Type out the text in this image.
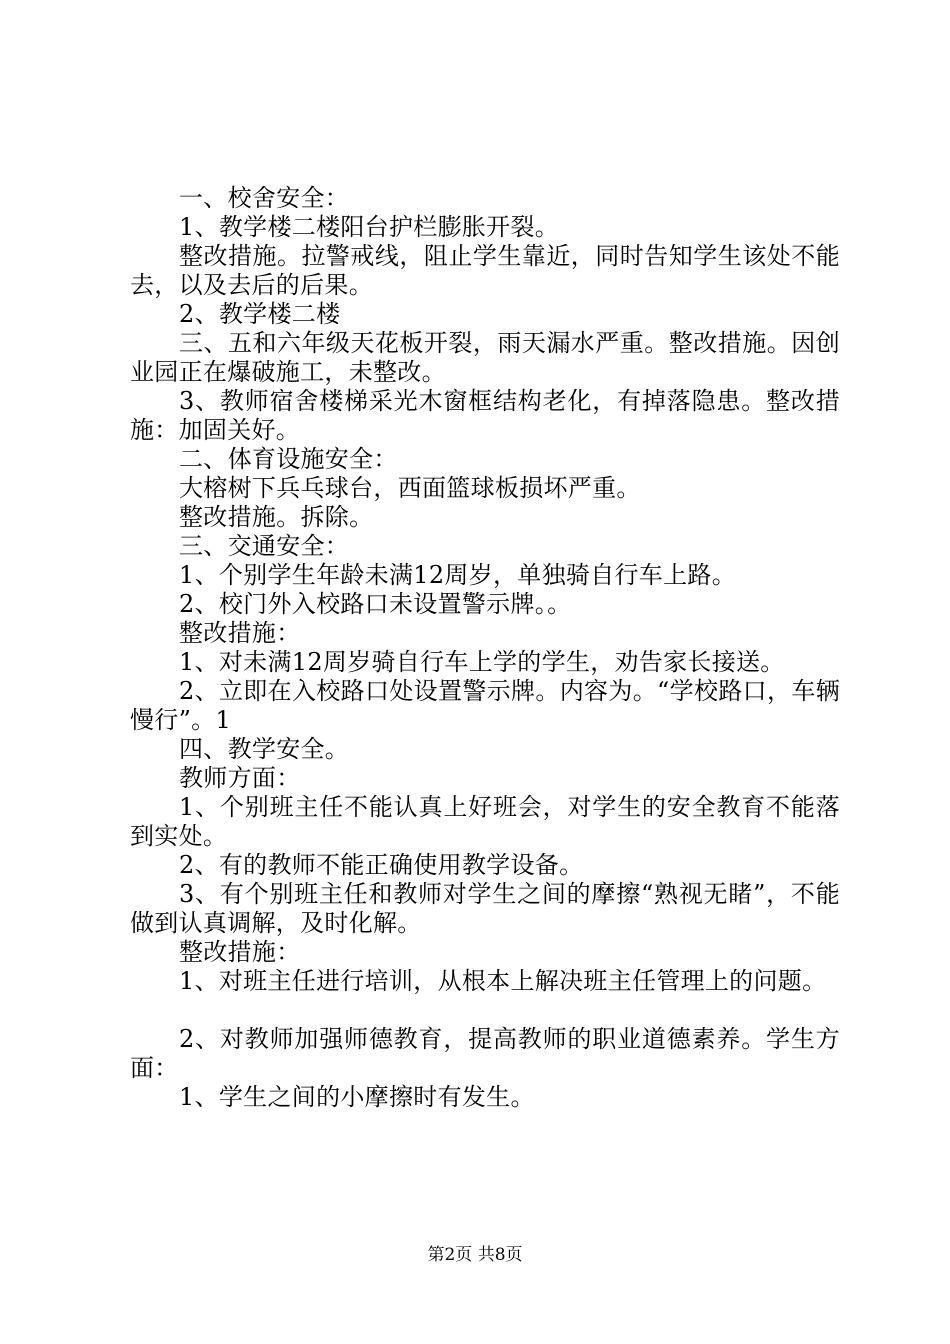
一、校舍安全：

1、教学楼二楼阳台护栏膨胀开裂。

整改措施。拉警戒线，阻止学生靠近，同时告知学生该处不能去，以及去后的后果。

2、教学楼二楼

三、五和六年级天花板开裂，雨天漏水严重。整改措施。因创业园正在爆破施工，未整改。

3、教师宿舍楼梯采光木窗框结构老化，有掉落隐患。整改措施：加固关好。

二、体育设施安全：

大榕树下兵乓球台，西面篮球板损坏严重。

整改措施。拆除。

三、交通安全：

1、个别学生年龄未满12周岁，单独骑自行车上路。

2、校门外入校路口未设置警示牌。。

整改措施：

1、对未满12周岁骑自行车上学的学生，劝告家长接送。

2、立即在入校路口处设置警示牌。内容为。“学校路口，车辆慢行”。1

四、教学安全。

教师方面：

1、个别班主任不能认真上好班会，对学生的安全教育不能落到实处。

2、有的教师不能正确使用教学设备。

3、有个别班主任和教师对学生之间的摩擦“熟视无睹”，不能做到认真调解，及时化解。

整改措施：

1、对班主任进行培训，从根本上解决班主任管理上的问题。

2、对教师加强师德教育，提高教师的职业道德素养。学生方面：

1、学生之间的小摩擦时有发生。

第2页 共8页
